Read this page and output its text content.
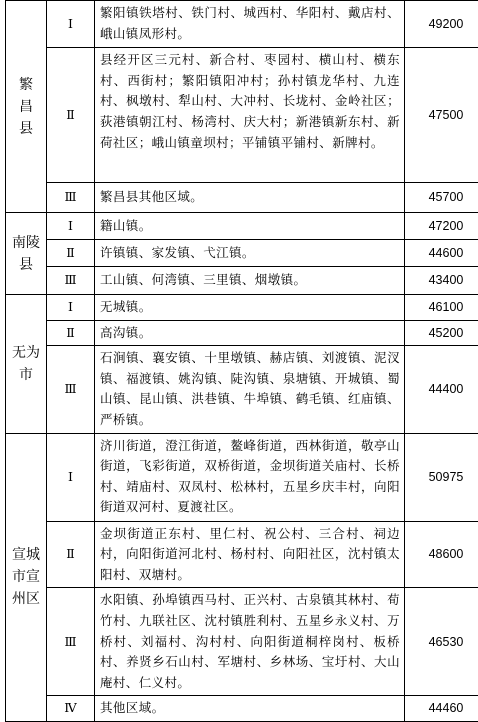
繁昌县	Ⅰ	繁阳镇铁塔村、铁门村、城西村、华阳村、戴店村、峨山镇凤形村。	49200
	Ⅱ	县经开区三元村、新合村、枣园村、横山村、横东村、西街村；繁阳镇阳冲村；孙村镇龙华村、九连村、枫墩村、犁山村、大冲村、长垅村、金岭社区；荻港镇朝江村、杨湾村、庆大村；新港镇新东村、新荷社区；峨山镇童坝村；平铺镇平铺村、新牌村。	47500
	Ⅲ	繁昌县其他区域。	45700
南陵县	Ⅰ	籍山镇。	47200
	Ⅱ	许镇镇、家发镇、弋江镇。	44600
	Ⅲ	工山镇、何湾镇、三里镇、烟墩镇。	43400
无为市	Ⅰ	无城镇。	46100
	Ⅱ	高沟镇。	45200
	Ⅲ	石涧镇、襄安镇、十里墩镇、赫店镇、刘渡镇、泥汊镇、福渡镇、姚沟镇、陡沟镇、泉塘镇、开城镇、蜀山镇、昆山镇、洪巷镇、牛埠镇、鹤毛镇、红庙镇、严桥镇。	44400
宣城市宣州区	Ⅰ	济川街道，澄江街道，鳌峰街道，西林街道，敬亭山街道，飞彩街道，双桥街道，金坝街道关庙村、长桥村、靖庙村、双凤村、松林村，五星乡庆丰村，向阳街道双河村、夏渡社区。	50975
	Ⅱ	金坝街道正东村、里仁村、祝公村、三合村、祠边村，向阳街道河北村、杨村村、向阳社区，沈村镇太阳村、双塘村。	48600
	Ⅲ	水阳镇、孙埠镇西马村、正兴村、古泉镇其林村、荀竹村、九联社区、沈村镇胜利村、五星乡永义村、万桥村、刘福村、沟村村、向阳街道桐梓岗村、板桥村、养贤乡石山村、军塘村、乡林场、宝圩村、大山庵村、仁义村。	46530
	Ⅳ	其他区域。	44460
